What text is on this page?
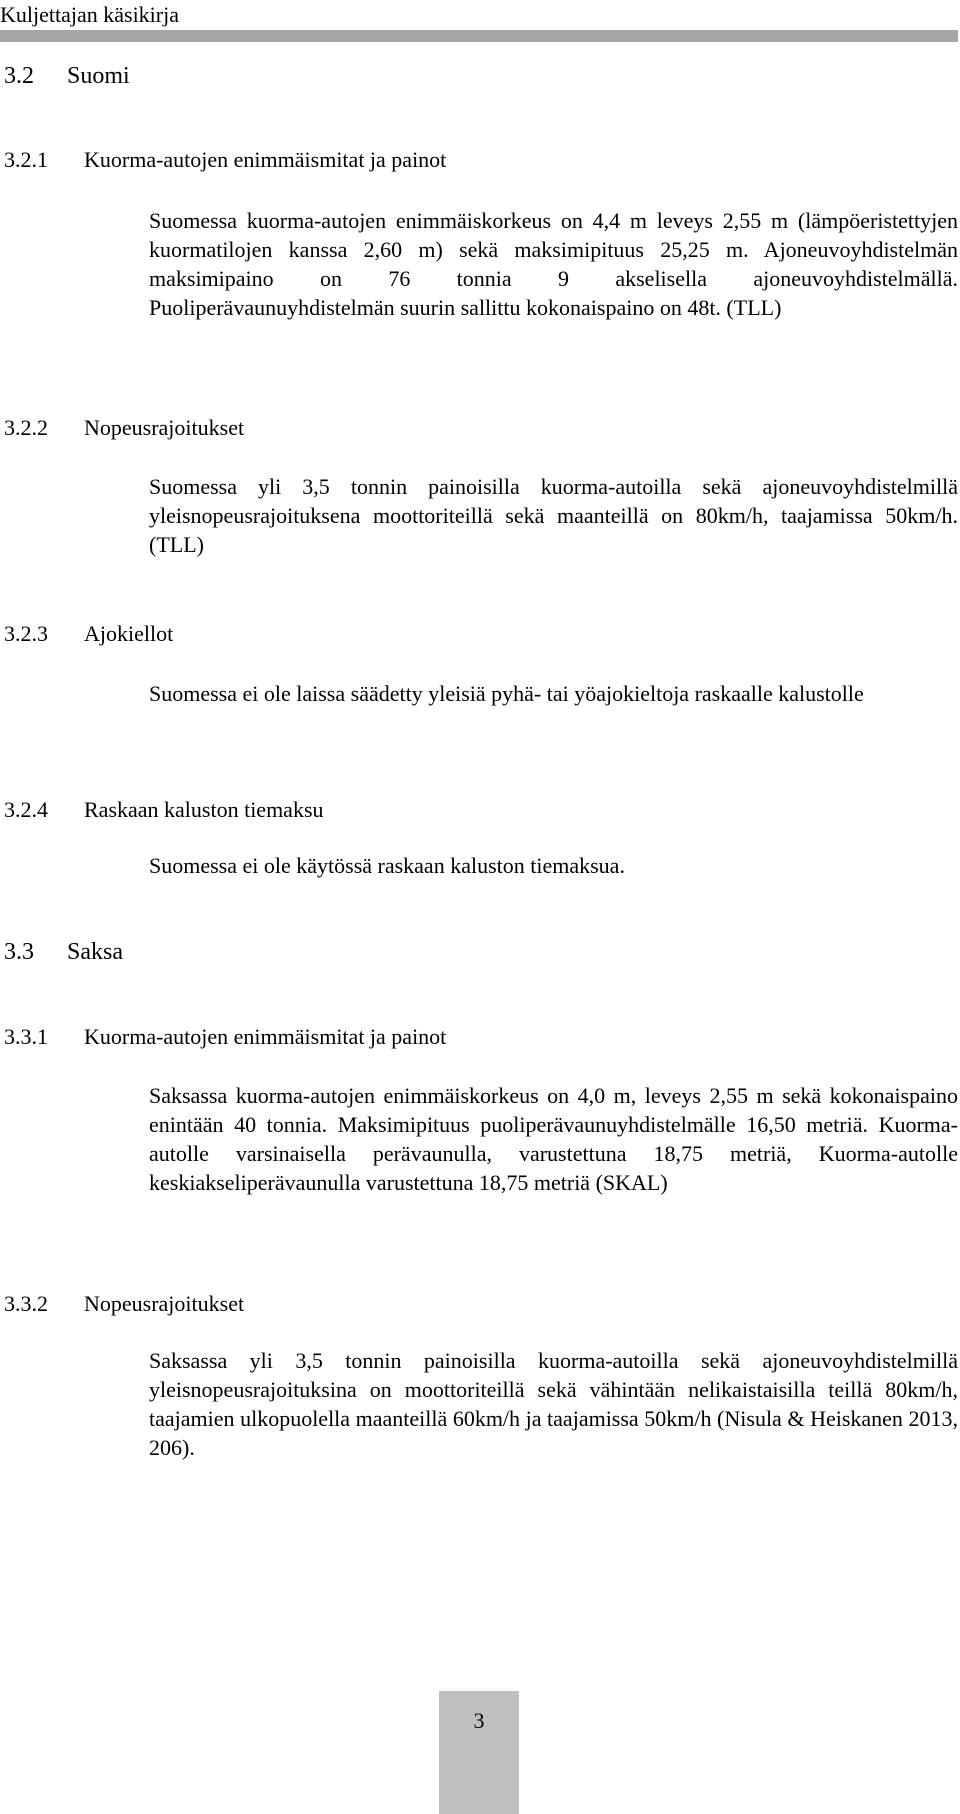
Kuljettajan käsikirja
3.2 Suomi
3.2.1 Kuorma-autojen enimmäismitat ja painot

Suomessa kuorma-autojen enimmäiskorkeus on 4,4 m leveys 2,55 m (lämpöeristettyjen kuormatilojen kanssa 2,60 m) sekä maksimipituus 25,25 m. Ajoneuvoyhdistelmän maksimipaino on 76 tonnia 9 akselisella ajoneuvoyhdistelmällä. Puoliperävaunuyhdistelmän suurin sallittu kokonaispaino on 48t. (TLL)

3.2.2 Nopeusrajoitukset

Suomessa yli 3,5 tonnin painoisilla kuorma-autoilla sekä ajoneuvoyhdistelmillä yleisnopeusrajoituksena moottoriteillä sekä maanteillä on 80km/h, taajamissa 50km/h. (TLL)

3.2.3 Ajokiellot

Suomessa ei ole laissa säädetty yleisiä pyhä- tai yöajokieltoja raskaalle kalustolle

3.2.4 Raskaan kaluston tiemaksu

Suomessa ei ole käytössä raskaan kaluston tiemaksua.

3.3 Saksa
3.3.1 Kuorma-autojen enimmäismitat ja painot

Saksassa kuorma-autojen enimmäiskorkeus on 4,0 m, leveys 2,55 m sekä kokonaispaino enintään 40 tonnia. Maksimipituus puoliperävaunuyhdistelmälle 16,50 metriä. Kuorma-autolle varsinaisella perävaunulla, varustettuna 18,75 metriä, Kuorma-autolle keskiakseliperävaunulla varustettuna 18,75 metriä (SKAL)

3.3.2 Nopeusrajoitukset

Saksassa yli 3,5 tonnin painoisilla kuorma-autoilla sekä ajoneuvoyhdistelmillä yleisnopeusrajoituksina on moottoriteillä sekä vähintään nelikaistaisilla teillä 80km/h, taajamien ulkopuolella maanteillä 60km/h ja taajamissa 50km/h (Nisula & Heiskanen 2013, 206).

3
